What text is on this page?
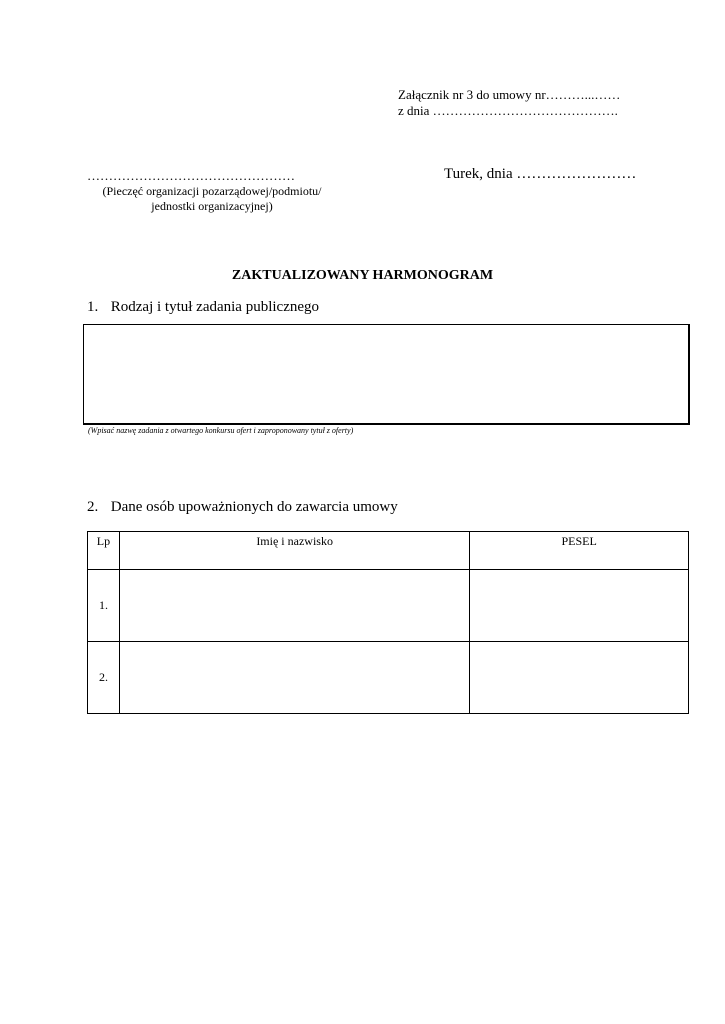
Załącznik nr 3 do umowy nr………...……
z dnia …………………………………….
…………………………………………
(Pieczęć organizacji pozarządowej/podmiotu/
jednostki organizacyjnej)
Turek, dnia ……………………
ZAKTUALIZOWANY HARMONOGRAM
1. Rodzaj i tytuł zadania publicznego
(Wpisać nazwę zadania z otwartego konkursu ofert i zaproponowany tytuł z oferty)
2. Dane osób upoważnionych do zawarcia umowy
Lp	Imię i nazwisko	PESEL
1.		
2.		
